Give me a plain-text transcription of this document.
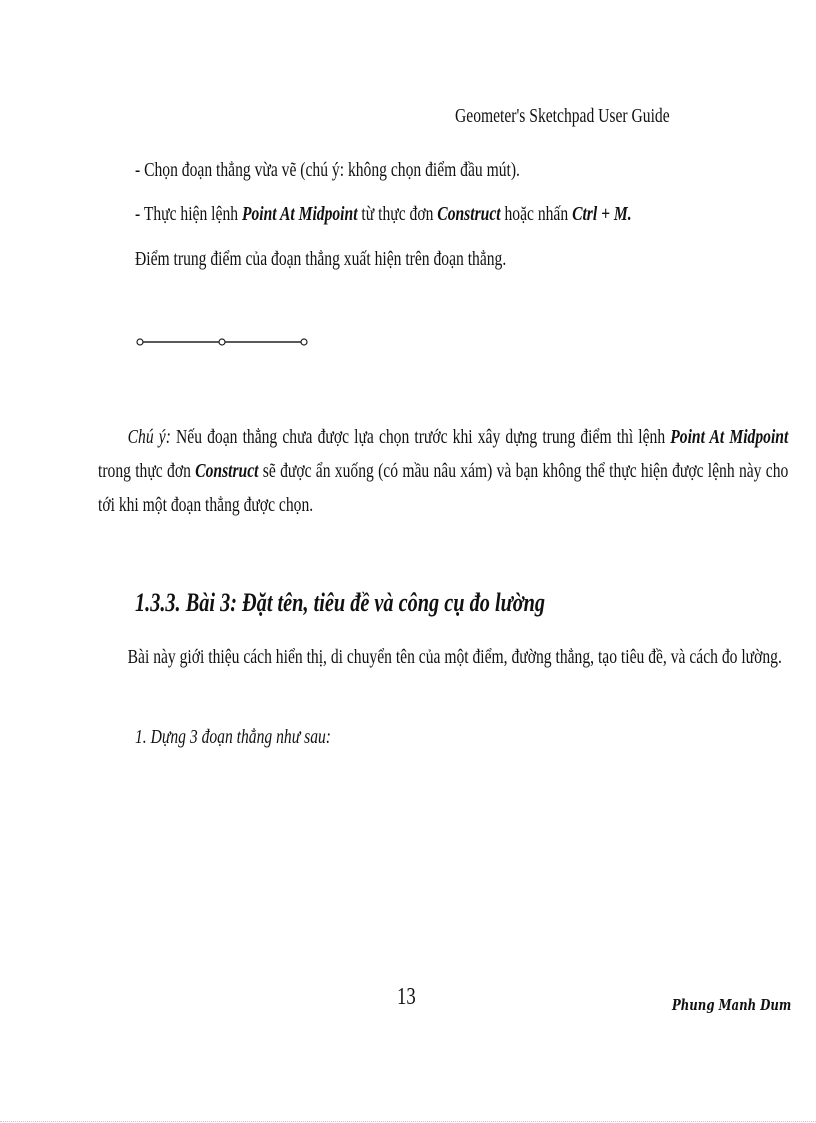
Geometer's Sketchpad User Guide
- Chọn đoạn thẳng vừa vẽ (chú ý: không chọn điểm đầu mút).
- Thực hiện lệnh Point At Midpoint từ thực đơn Construct hoặc nhấn Ctrl + M.
Điểm trung điểm của đoạn thẳng xuất hiện trên đoạn thẳng.
Chú ý: Nếu đoạn thẳng chưa được lựa chọn trước khi xây dựng trung điểm thì lệnh Point At Midpoint trong thực đơn Construct sẽ được ẩn xuống (có mầu nâu xám) và bạn không thể thực hiện được lệnh này cho tới khi một đoạn thẳng được chọn.
1.3.3. Bài 3: Đặt tên, tiêu đề và công cụ đo lường
Bài này giới thiệu cách hiển thị, di chuyển tên của một điểm, đường thẳng, tạo tiêu đề, và cách đo lường.
1. Dựng 3 đoạn thẳng như sau:
13	Phung Manh Dum
